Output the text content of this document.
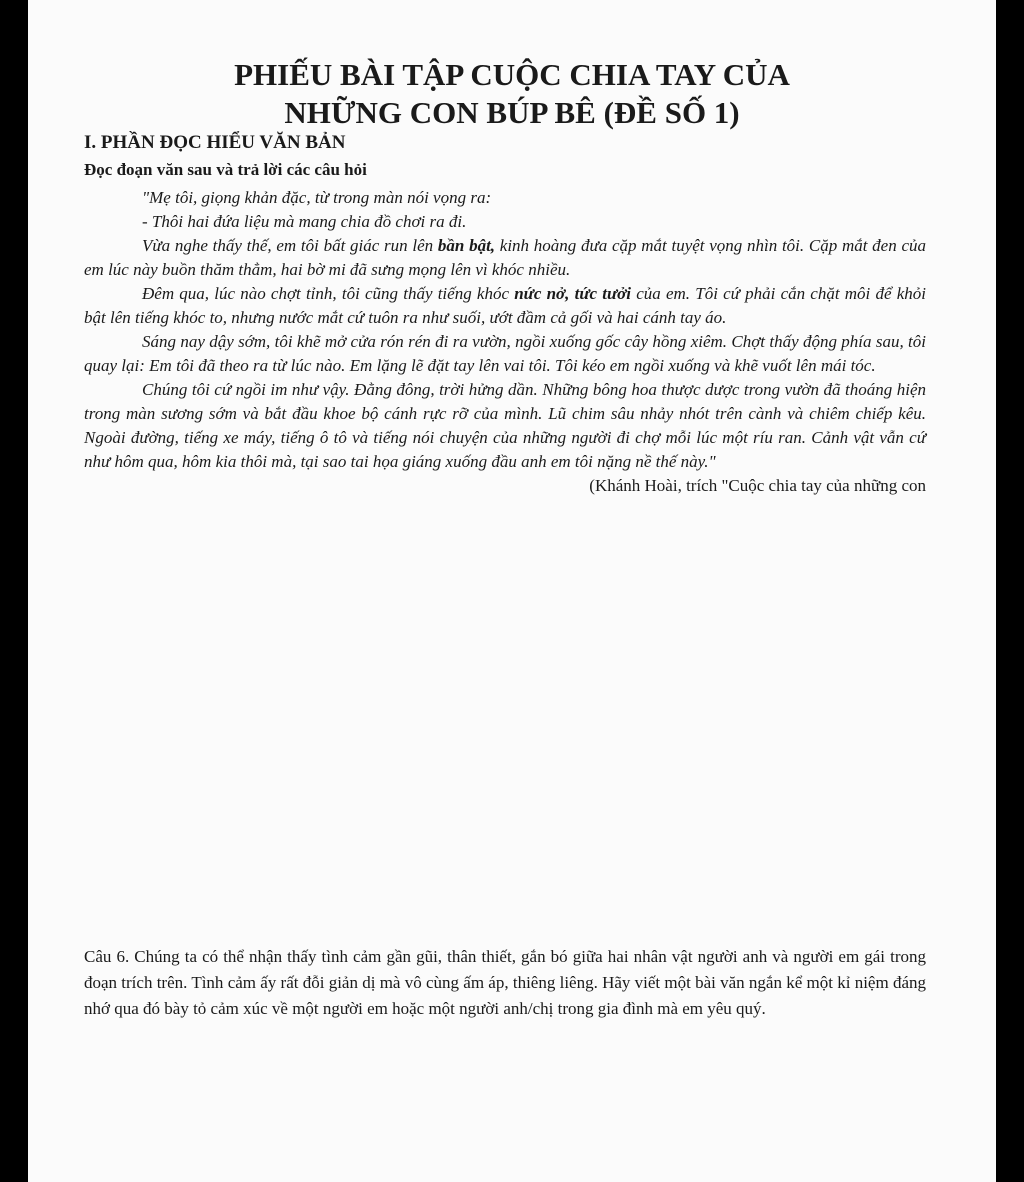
PHIẾU BÀI TẬP CUỘC CHIA TAY CỦA
NHỮNG CON BÚP BÊ (ĐỀ SỐ 1)
I. PHẦN ĐỌC HIỂU VĂN BẢN
Đọc đoạn văn sau và trả lời các câu hỏi

"Mẹ tôi, giọng khản đặc, từ trong màn nói vọng ra:

- Thôi hai đứa liệu mà mang chia đồ chơi ra đi.

Vừa nghe thấy thế, em tôi bất giác run lên bần bật, kinh hoàng đưa cặp mắt tuyệt vọng nhìn tôi. Cặp mắt đen của em lúc này buồn thăm thẳm, hai bờ mi đã sưng mọng lên vì khóc nhiều.

Đêm qua, lúc nào chợt tỉnh, tôi cũng thấy tiếng khóc nức nở, tức tưởi của em. Tôi cứ phải cắn chặt môi để khỏi bật lên tiếng khóc to, nhưng nước mắt cứ tuôn ra như suối, ướt đầm cả gối và hai cánh tay áo.

Sáng nay dậy sớm, tôi khẽ mở cửa rón rén đi ra vườn, ngồi xuống gốc cây hồng xiêm. Chợt thấy động phía sau, tôi quay lại: Em tôi đã theo ra từ lúc nào. Em lặng lẽ đặt tay lên vai tôi. Tôi kéo em ngồi xuống và khẽ vuốt lên mái tóc.

Chúng tôi cứ ngồi im như vậy. Đằng đông, trời hửng dần. Những bông hoa thược dược trong vườn đã thoáng hiện trong màn sương sớm và bắt đầu khoe bộ cánh rực rỡ của mình. Lũ chim sâu nhảy nhót trên cành và chiêm chiếp kêu. Ngoài đường, tiếng xe máy, tiếng ô tô và tiếng nói chuyện của những người đi chợ mỗi lúc một ríu ran. Cảnh vật vẫn cứ như hôm qua, hôm kia thôi mà, tại sao tai họa giáng xuống đầu anh em tôi nặng nề thế này."
(Khánh Hoài, trích "Cuộc chia tay của những con

Câu 6. Chúng ta có thể nhận thấy tình cảm gần gũi, thân thiết, gắn bó giữa hai nhân vật người anh và người em gái trong đoạn trích trên. Tình cảm ấy rất đỗi giản dị mà vô cùng ấm áp, thiêng liêng. Hãy viết một bài văn ngắn kể một kỉ niệm đáng nhớ qua đó bày tỏ cảm xúc về một người em hoặc một người anh/chị trong gia đình mà em yêu quý.
